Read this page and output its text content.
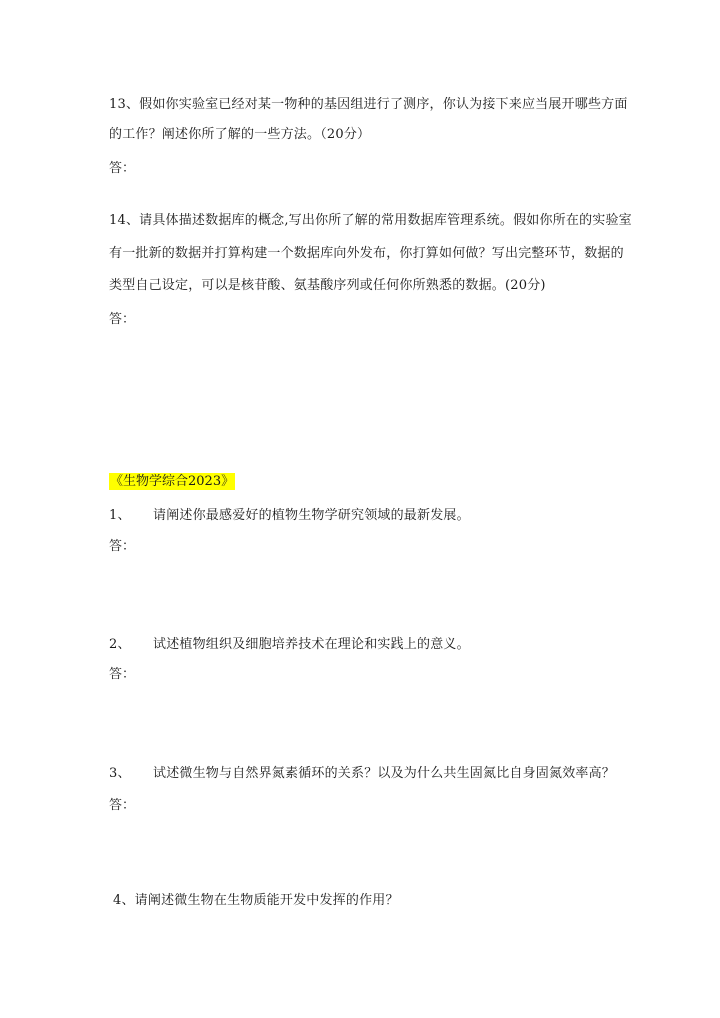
13、假如你实验室已经对某一物种的基因组进行了测序，你认为接下来应当展开哪些方面
的工作？阐述你所了解的一些方法。（20分）
答：
14、请具体描述数据库的概念,写出你所了解的常用数据库管理系统。假如你所在的实验室
有一批新的数据并打算构建一个数据库向外发布，你打算如何做？写出完整环节，数据的
类型自己设定，可以是核苷酸、氨基酸序列或任何你所熟悉的数据。(20分)
答：
《生物学综合2023》
1、 请阐述你最感爱好的植物生物学研究领域的最新发展。
答：
2、 试述植物组织及细胞培养技术在理论和实践上的意义。
答：
3、 试述微生物与自然界氮素循环的关系？以及为什么共生固氮比自身固氮效率高？
答：
4、请阐述微生物在生物质能开发中发挥的作用？
